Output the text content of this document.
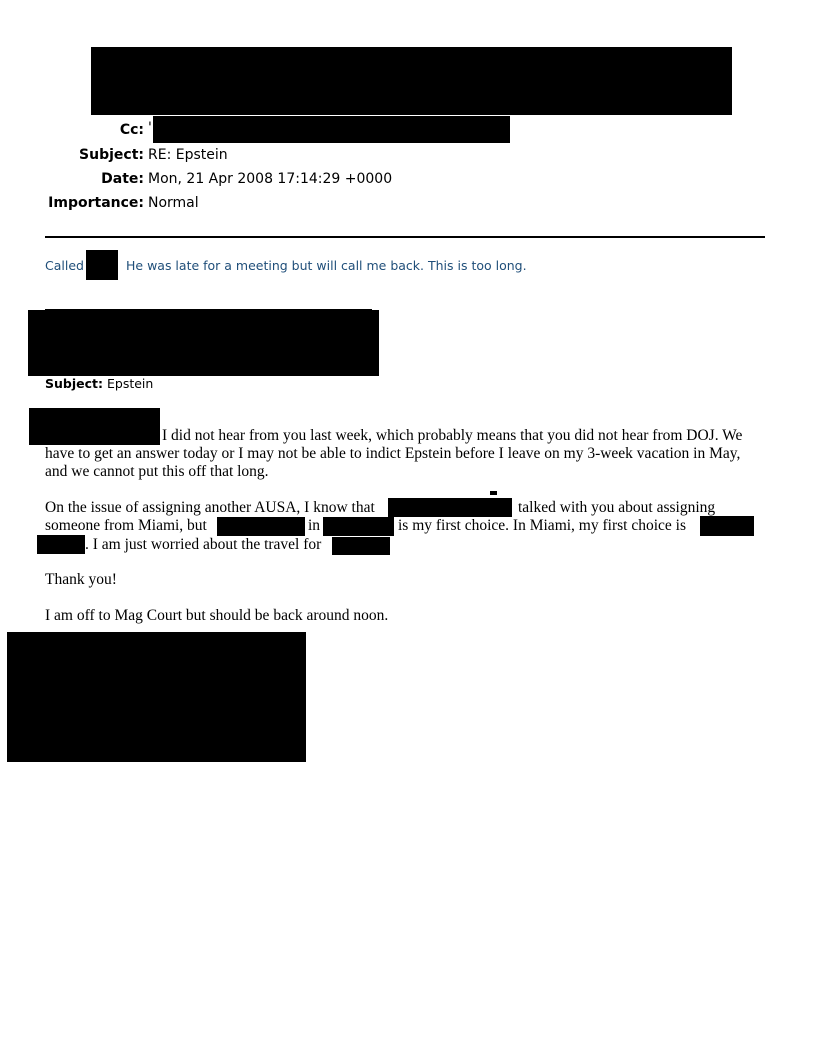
Cc: '
Subject: RE: Epstein
Date: Mon, 21 Apr 2008 17:14:29 +0000
Importance: Normal
Called	He was late for a meeting but will call me back. This is too long.
Subject: Epstein
I did not hear from you last week, which probably means that you did not hear from DOJ. We
have to get an answer today or I may not be able to indict Epstein before I leave on my 3-week vacation in May,
and we cannot put this off that long.
On the issue of assigning another AUSA, I know that	talked with you about assigning
someone from Miami, but	in	is my first choice. In Miami, my first choice is
. I am just worried about the travel for
Thank you!
I am off to Mag Court but should be back around noon.
